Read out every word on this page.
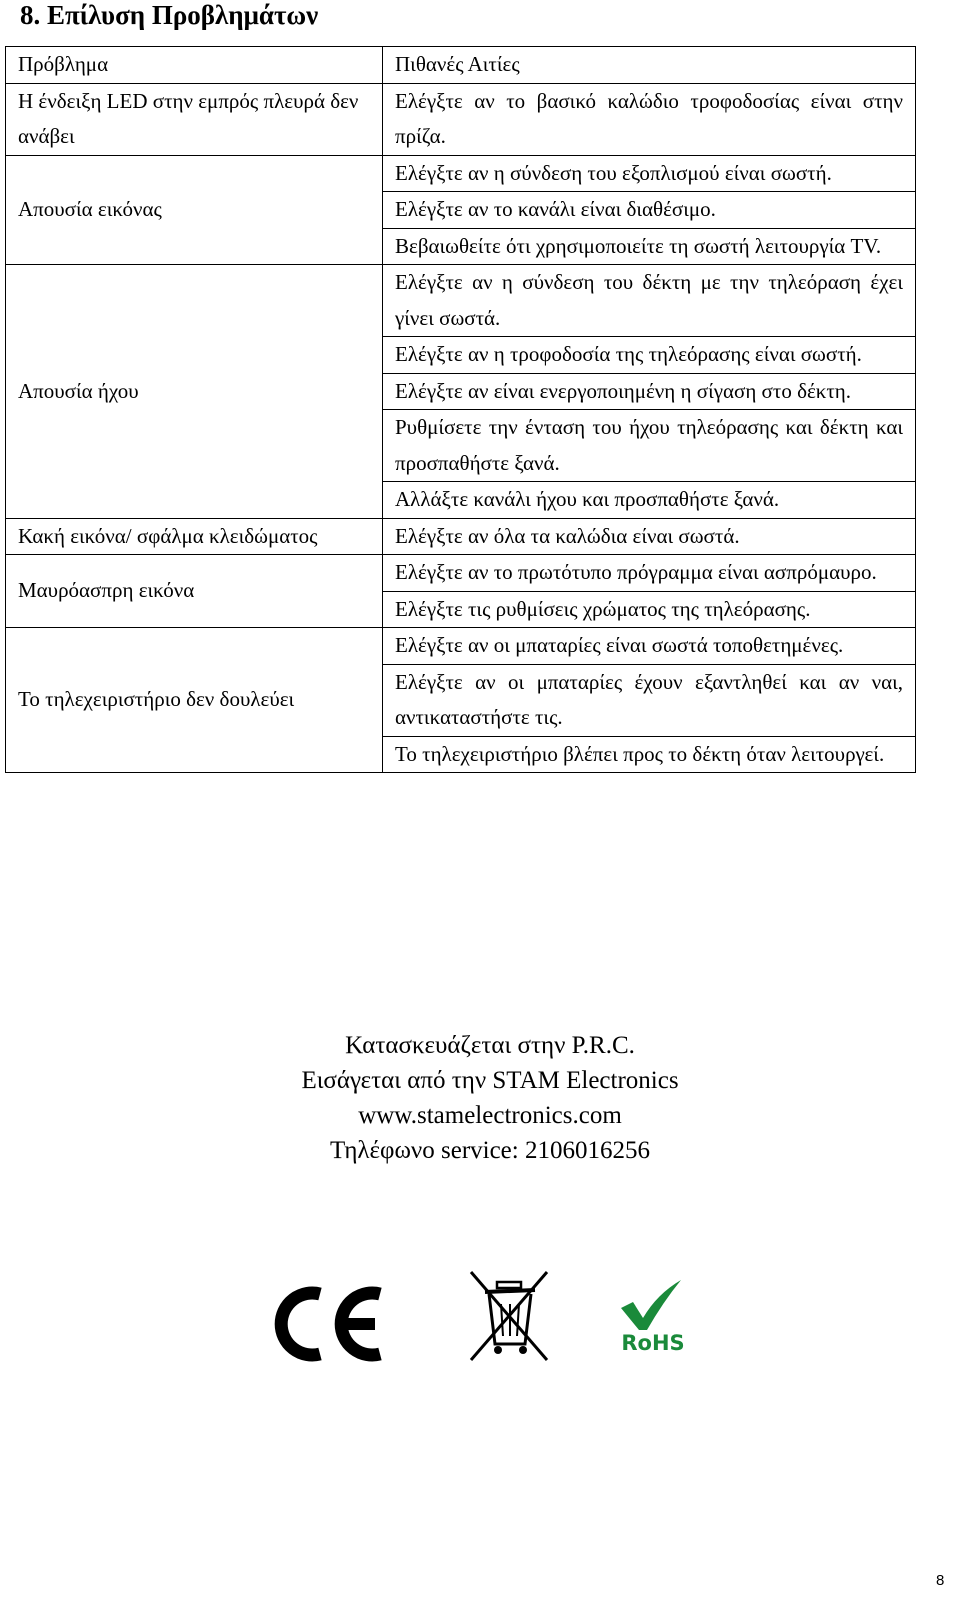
8. Επίλυση Προβλημάτων
Πρόβλημα	Πιθανές Αιτίες
Η ένδειξη LED στην εμπρός πλευρά δεν ανάβει	Ελέγξτε αν το βασικό καλώδιο τροφοδοσίας είναι στην πρίζα.
Απουσία εικόνας	Ελέγξτε αν η σύνδεση του εξοπλισμού είναι σωστή.
	Ελέγξτε αν το κανάλι είναι διαθέσιμο.
	Βεβαιωθείτε ότι χρησιμοποιείτε τη σωστή λειτουργία TV.
Απουσία ήχου	Ελέγξτε αν η σύνδεση του δέκτη με την τηλεόραση έχει γίνει σωστά.
	Ελέγξτε αν η τροφοδοσία της τηλεόρασης είναι σωστή.
	Ελέγξτε αν είναι ενεργοποιημένη η σίγαση στο δέκτη.
	Ρυθμίσετε την ένταση του ήχου τηλεόρασης και δέκτη και προσπαθήστε ξανά.
	Αλλάξτε κανάλι ήχου και προσπαθήστε ξανά.
Κακή εικόνα/ σφάλμα κλειδώματος	Ελέγξτε αν όλα τα καλώδια είναι σωστά.
Μαυρόασπρη εικόνα	Ελέγξτε αν το πρωτότυπο πρόγραμμα είναι ασπρόμαυρο.
	Ελέγξτε τις ρυθμίσεις χρώματος της τηλεόρασης.
Το τηλεχειριστήριο δεν δουλεύει	Ελέγξτε αν οι μπαταρίες είναι σωστά τοποθετημένες.
	Ελέγξτε αν οι μπαταρίες έχουν εξαντληθεί και αν ναι, αντικαταστήστε τις.
	Το τηλεχειριστήριο βλέπει προς το δέκτη όταν λειτουργεί.
Κατασκευάζεται στην P.R.C.
Εισάγεται από την STAM Electronics
www.stamelectronics.com
Τηλέφωνο service: 2106016256
RoHS
8
